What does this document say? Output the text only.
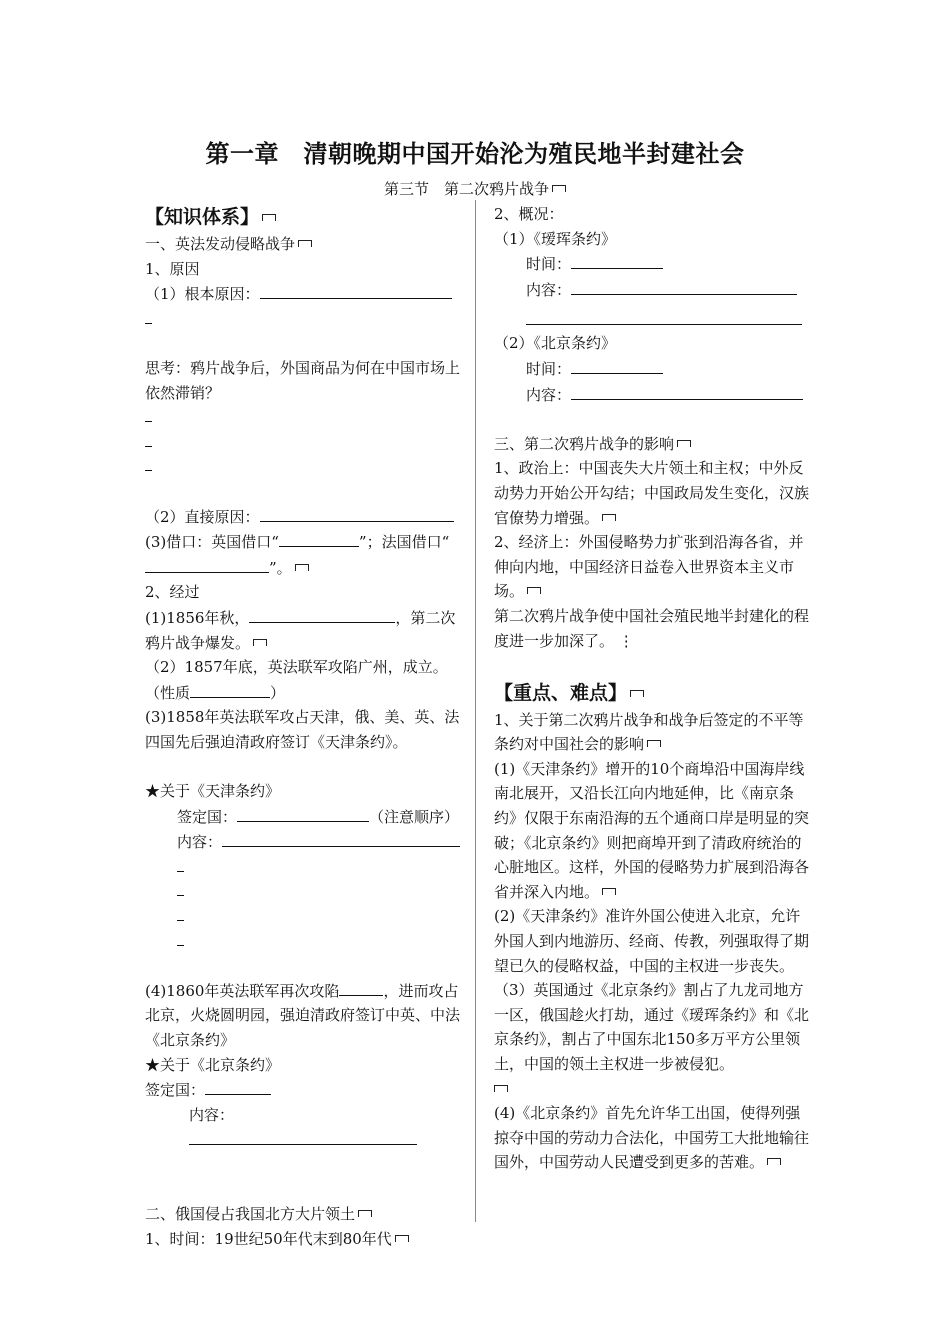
第一章　清朝晚期中国开始沦为殖民地半封建社会
第三节　第二次鸦片战争

【知识体系】

一、英法发动侵略战争

1、原因

（1）根本原因：

思考：鸦片战争后，外国商品为何在中国市场上依然滞销？

（2）直接原因：

(3)借口：英国借口“	”；法国借口“”。

2、经过

(1)1856年秋，	，第二次鸦片战争爆发。

（2）1857年底，英法联军攻陷广州，成立。（性质	）

(3)1858年英法联军攻占天津，俄、美、英、法四国先后强迫清政府签订《天津条约》。

★关于《天津条约》

签定国：	（注意顺序）

内容：

(4)1860年英法联军再次攻陷	，进而攻占北京，火烧圆明园，强迫清政府签订中英、中法《北京条约》

★关于《北京条约》

签定国：

内容：

二、俄国侵占我国北方大片领土

1、时间：19世纪50年代末到80年代

2、概况：

（1）《瑷珲条约》

时间：

内容：

（2）《北京条约》

时间：

内容：

三、第二次鸦片战争的影响

1、政治上：中国丧失大片领土和主权；中外反动势力开始公开勾结；中国政局发生变化，汉族官僚势力增强。

2、经济上：外国侵略势力扩张到沿海各省，并伸向内地，中国经济日益卷入世界资本主义市场。

第二次鸦片战争使中国社会殖民地半封建化的程度进一步加深了。 ⋮

【重点、难点】

1、关于第二次鸦片战争和战争后签定的不平等条约对中国社会的影响

(1)《天津条约》增开的10个商埠沿中国海岸线南北展开，又沿长江向内地延伸，比《南京条约》仅限于东南沿海的五个通商口岸是明显的突破；《北京条约》则把商埠开到了清政府统治的心脏地区。这样，外国的侵略势力扩展到沿海各省并深入内地。

(2)《天津条约》准许外国公使进入北京，允许外国人到内地游历、经商、传教，列强取得了期望已久的侵略权益，中国的主权进一步丧失。

（3）英国通过《北京条约》割占了九龙司地方一区，俄国趁火打劫，通过《瑷珲条约》和《北京条约》，割占了中国东北150多万平方公里领土，中国的领土主权进一步被侵犯。

(4)《北京条约》首先允许华工出国，使得列强掠夺中国的劳动力合法化，中国劳工大批地输往国外，中国劳动人民遭受到更多的苦难。
